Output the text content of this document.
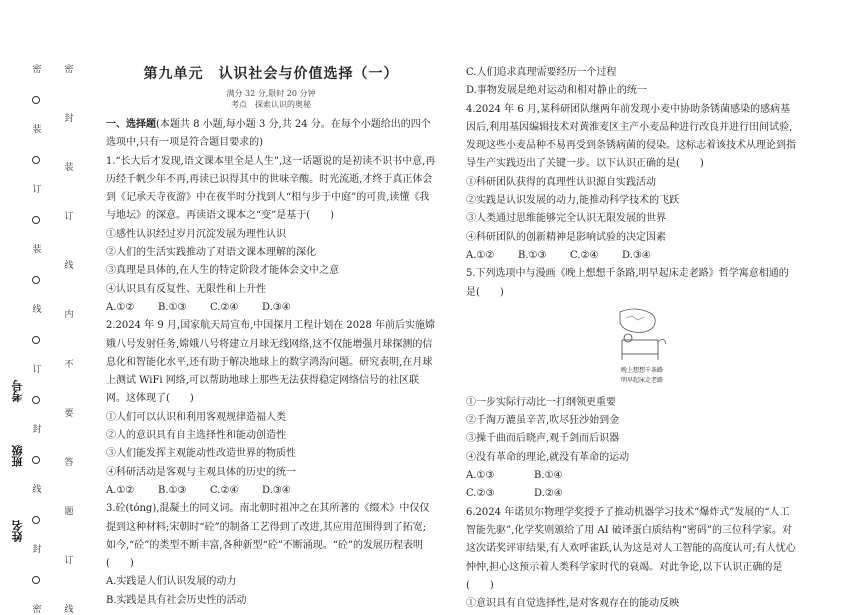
密
封
线
封
订
线
装
订
装
密
线
订
题
答
要
不
内
线
订
装
封
密
考号
班级
姓名
第九单元　认识社会与价值选择（一）
满分 32 分,限时 20 分钟
考点　探索认识的奥秘

一、选择题(本题共 8 小题,每小题 3 分,共 24 分。在每个小题给出的四个选项中,只有一项是符合题目要求的)

1.“长大后才发现,语文课本里全是人生”,这一话题说的是初读不识书中意,再历经千帆少年不再,再读已识得其中的世味辛酸。时光流逝,才终于真正体会到《记承天寺夜游》中在夜半时分找到人“相与步于中庭”的可贵,读懂《我与地坛》的深意。再读语文课本之“变”是基于(　　)

①感性认识经过岁月沉淀发展为理性认识

②人们的生活实践推动了对语文课本理解的深化

③真理是具体的,在人生的特定阶段才能体会文中之意

④认识具有反复性、无限性和上升性

A.①②	B.①③	C.②④	D.③④

2.2024 年 9 月,国家航天局宣布,中国探月工程计划在 2028 年前后实施嫦娥八号发射任务,嫦娥八号将建立月球无线网络,这不仅能增强月球探测的信息化和智能化水平,还有助于解决地球上的数字鸿沟问题。研究表明,在月球上测试 WiFi 网络,可以帮助地球上那些无法获得稳定网络信号的社区联网。这体现了(　　)

①人们可以认识和利用客观规律造福人类

②人的意识具有自主选择性和能动创造性

③人们能发挥主观能动性改造世界的物质性

④科研活动是客观与主观具体的历史的统一

A.①②	B.①③	C.②④	D.③④

3.砼(tóng),混凝土的同义词。南北朝时祖冲之在其所著的《缀术》中仅仅提到这种材料;宋朝时“砼”的制备工艺得到了改进,其应用范围得到了拓宽;如今,“砼”的类型不断丰富,各种新型“砼”不断涌现。“砼”的发展历程表明(　　)

A.实践是人们认识发展的动力

B.实践是具有社会历史性的活动

C.人们追求真理需要经历一个过程

D.事物发展是绝对运动和相对静止的统一

4.2024 年 6 月,某科研团队继两年前发现小麦中协助条锈菌感染的感病基因后,利用基因编辑技术对黄淮麦区主产小麦品种进行改良并进行田间试验,发现这些小麦品种不易再受到条锈病菌的侵染。这标志着该技术从理论到指导生产实践迈出了关键一步。以下认识正确的是(　　)

①科研团队获得的真理性认识源自实践活动

②实践是认识发展的动力,能推动科学技术的飞跃

③人类通过思维能够完全认识无限发展的世界

④科研团队的创新精神是影响试验的决定因素

A.①②	B.①③	C.②④	D.③④

5.下列选项中与漫画《晚上想想千条路,明早起床走老路》哲学寓意相通的是(　　)

晚上想想千条路
明早起床走老路

①一步实际行动比一打纲领更重要

②千淘万漉虽辛苦,吹尽狂沙始到金

③操千曲而后晓声,观千剑而后识器

④没有革命的理论,就没有革命的运动

A.①③	B.①④
C.②③	D.②④

6.2024 年诺贝尔物理学奖授予了推动机器学习技术“爆炸式”发展的“人工智能先驱”,化学奖则颁给了用 AI 破译蛋白质结构“密码”的三位科学家。对这次诺奖评审结果,有人欢呼雀跃,认为这是对人工智能的高度认可;有人忧心忡忡,担心这预示着人类科学家时代的衰竭。对此争论,以下认识正确的是(　　)

①意识具有自觉选择性,是对客观存在的能动反映
